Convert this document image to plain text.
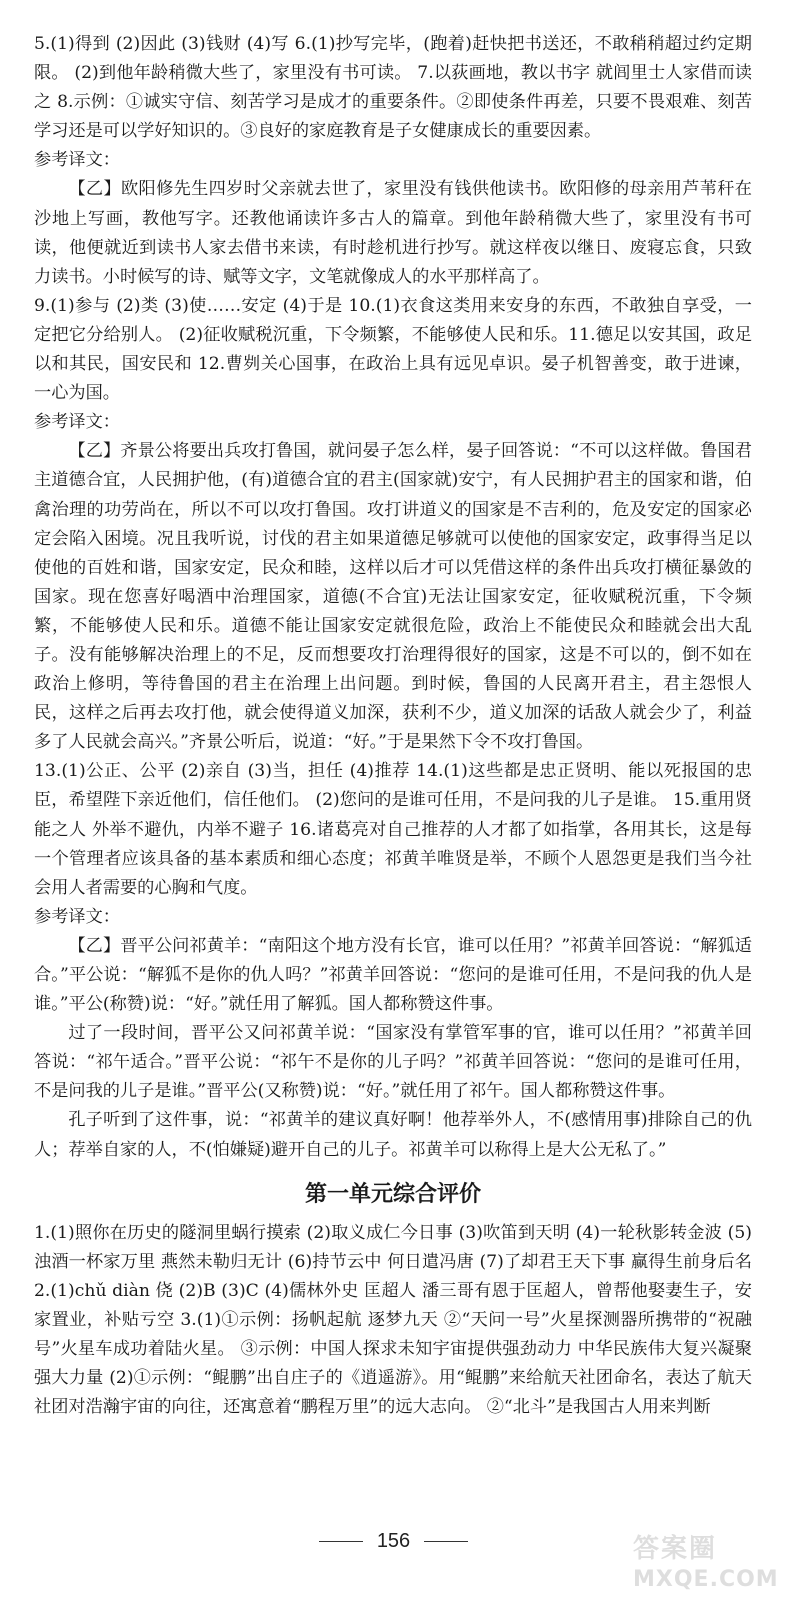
5.(1)得到 (2)因此 (3)钱财 (4)写 6.(1)抄写完毕，(跑着)赶快把书送还，不敢稍稍超过约定期限。 (2)到他年龄稍微大些了，家里没有书可读。 7.以荻画地，教以书字 就闾里士人家借而读之 8.示例：①诚实守信、刻苦学习是成才的重要条件。②即使条件再差，只要不畏艰难、刻苦学习还是可以学好知识的。③良好的家庭教育是子女健康成长的重要因素。

参考译文：

【乙】欧阳修先生四岁时父亲就去世了，家里没有钱供他读书。欧阳修的母亲用芦苇秆在沙地上写画，教他写字。还教他诵读许多古人的篇章。到他年龄稍微大些了，家里没有书可读，他便就近到读书人家去借书来读，有时趁机进行抄写。就这样夜以继日、废寝忘食，只致力读书。小时候写的诗、赋等文字，文笔就像成人的水平那样高了。

9.(1)参与 (2)类 (3)使……安定 (4)于是 10.(1)衣食这类用来安身的东西，不敢独自享受，一定把它分给别人。 (2)征收赋税沉重，下令频繁，不能够使人民和乐。11.德足以安其国，政足以和其民，国安民和 12.曹刿关心国事，在政治上具有远见卓识。晏子机智善变，敢于进谏，一心为国。

参考译文：

【乙】齐景公将要出兵攻打鲁国，就问晏子怎么样，晏子回答说：“不可以这样做。鲁国君主道德合宜，人民拥护他，(有)道德合宜的君主(国家就)安宁，有人民拥护君主的国家和谐，伯禽治理的功劳尚在，所以不可以攻打鲁国。攻打讲道义的国家是不吉利的，危及安定的国家必定会陷入困境。况且我听说，讨伐的君主如果道德足够就可以使他的国家安定，政事得当足以使他的百姓和谐，国家安定，民众和睦，这样以后才可以凭借这样的条件出兵攻打横征暴敛的国家。现在您喜好喝酒中治理国家，道德(不合宜)无法让国家安定，征收赋税沉重，下令频繁，不能够使人民和乐。道德不能让国家安定就很危险，政治上不能使民众和睦就会出大乱子。没有能够解决治理上的不足，反而想要攻打治理得很好的国家，这是不可以的，倒不如在政治上修明，等待鲁国的君主在治理上出问题。到时候，鲁国的人民离开君主，君主怨恨人民，这样之后再去攻打他，就会使得道义加深，获利不少，道义加深的话敌人就会少了，利益多了人民就会高兴。”齐景公听后，说道：“好。”于是果然下令不攻打鲁国。

13.(1)公正、公平 (2)亲自 (3)当，担任 (4)推荐 14.(1)这些都是忠正贤明、能以死报国的忠臣，希望陛下亲近他们，信任他们。 (2)您问的是谁可任用，不是问我的儿子是谁。 15.重用贤能之人 外举不避仇，内举不避子 16.诸葛亮对自己推荐的人才都了如指掌，各用其长，这是每一个管理者应该具备的基本素质和细心态度；祁黄羊唯贤是举，不顾个人恩怨更是我们当今社会用人者需要的心胸和气度。

参考译文：

【乙】晋平公问祁黄羊：“南阳这个地方没有长官，谁可以任用？”祁黄羊回答说：“解狐适合。”平公说：“解狐不是你的仇人吗？”祁黄羊回答说：“您问的是谁可任用，不是问我的仇人是谁。”平公(称赞)说：“好。”就任用了解狐。国人都称赞这件事。

过了一段时间，晋平公又问祁黄羊说：“国家没有掌管军事的官，谁可以任用？”祁黄羊回答说：“祁午适合。”晋平公说：“祁午不是你的儿子吗？”祁黄羊回答说：“您问的是谁可任用，不是问我的儿子是谁。”晋平公(又称赞)说：“好。”就任用了祁午。国人都称赞这件事。

孔子听到了这件事，说：“祁黄羊的建议真好啊！他荐举外人，不(感情用事)排除自己的仇人；荐举自家的人，不(怕嫌疑)避开自己的儿子。祁黄羊可以称得上是大公无私了。”

第一单元综合评价

1.(1)照你在历史的隧洞里蜗行摸索 (2)取义成仁今日事 (3)吹笛到天明 (4)一轮秋影转金波 (5)浊酒一杯家万里 燕然未勒归无计 (6)持节云中 何日遣冯唐 (7)了却君王天下事 赢得生前身后名 2.(1)chǔ diàn 侥 (2)B (3)C (4)儒林外史 匡超人 潘三哥有恩于匡超人，曾帮他娶妻生子，安家置业，补贴亏空 3.(1)①示例：扬帆起航 逐梦九天 ②“天问一号”火星探测器所携带的“祝融号”火星车成功着陆火星。 ③示例：中国人探求未知宇宙提供强劲动力 中华民族伟大复兴凝聚强大力量 (2)①示例：“鲲鹏”出自庄子的《逍遥游》。用“鲲鹏”来给航天社团命名，表达了航天社团对浩瀚宇宙的向往，还寓意着“鹏程万里”的远大志向。 ②“北斗”是我国古人用来判断

156	答案圈
MXQE.COM
